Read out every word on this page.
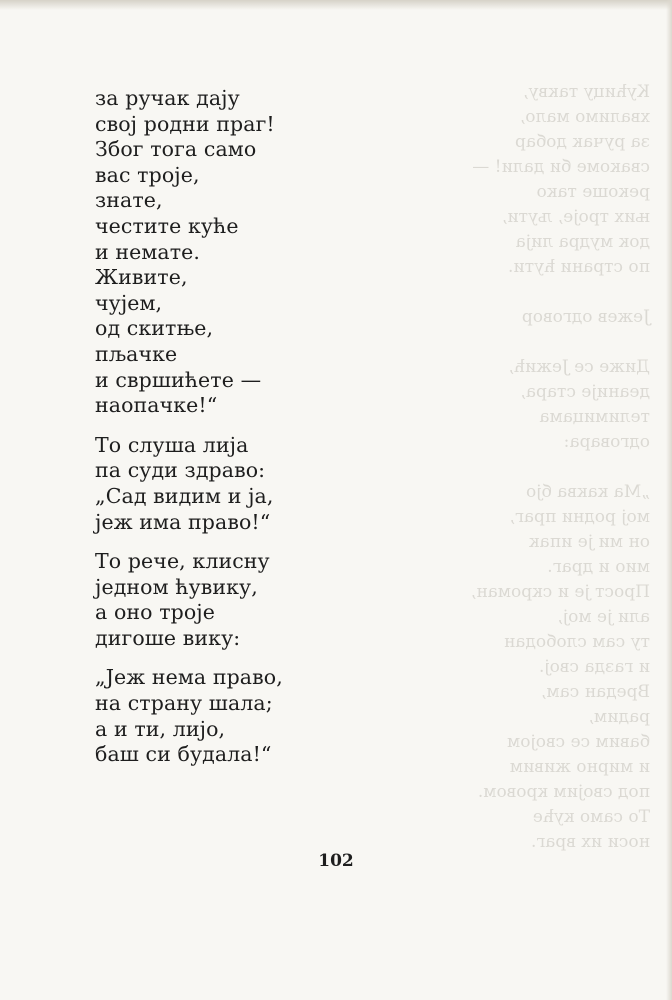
Кућицу такву,
хвалимо мало,
за ручак добар
свакоме би дали! —
рекоше тако
њих троје, љути,
док мудра лија
по страни ћути.

Јежев одговор

Диже се Јежић,
деаније стара,
телимицама
одговара:

„Ма каква бјо
мој родни праг,
он ми је ипак
мио и драг.
Прост је и скроман,
али је мој,
ту сам слободан
и газда свој.
Вредан сам,
радим,
бавим се својом
и мирно живим
под својим кровом.
То само куће
носи их враг.
за ручак дају
свој родни праг!
Због тога само
вас троје,
знате,
честите куће
и немате.
Живите,
чујем,
од скитње,
пљачке
и свршићете —
наопачке!“
То слуша лија
па суди здраво:
„Сад видим и ја,
јеж има право!“
То рече, клисну
једном ћувику,
а оно троје
дигоше вику:
„Јеж нема право,
на страну шала;
а и ти, лијо,
баш си будала!“
102
